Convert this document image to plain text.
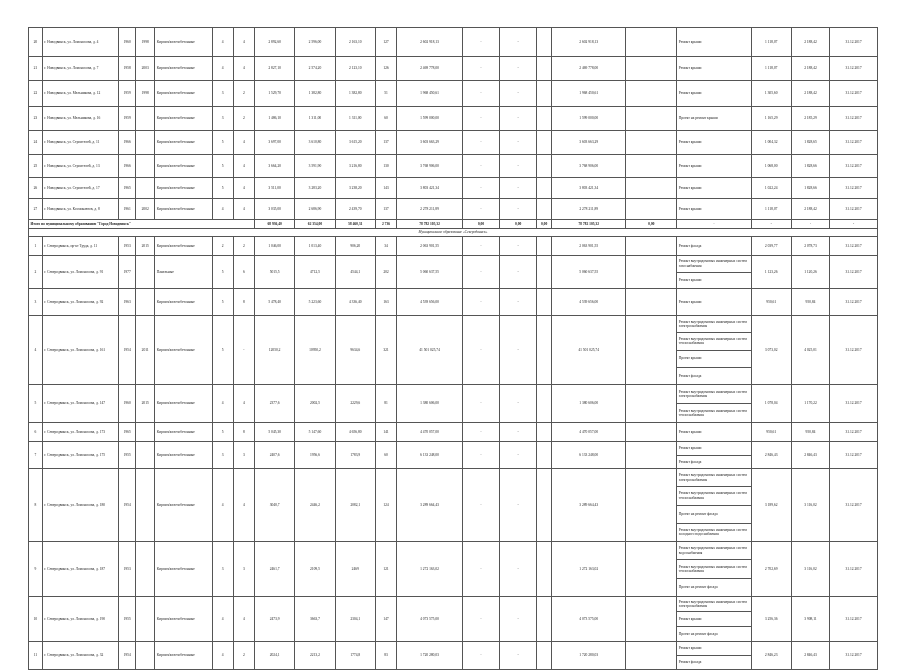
20	г. Новодвинск, ул. Ломоносова, д. 4	1960	1998	Кирпич/железобетонные	4	4	2 892,60	2 596,00	2 163,10	127	2 602 918,13	-	-		2 602 918,13		Ремонт крыши	1 118,07	2 188,42	31.12.2017
21	г. Новодвинск, ул. Ломоносова, д. 7	1958	2003	Кирпич/железобетонные	4	4	2 827,10	2 574,20	2 123,10	126	2 469 778,00	-	-		2 469 778,00		Ремонт крыши	1 118,07	2 188,42	31.12.2017
22	г. Новодвинск, ул. Мельникова, д. 12	1959	1998	Кирпич/железобетонные	3	2	1 529,70	1 382,80	1 382,80	51	1 968 450,61	-	-		1 968 450,61		Ремонт крыши	1 305,60	2 188,42	31.12.2017
23	г. Новодвинск, ул. Мельникова, д. 16	1959		Кирпич/железобетонные	3	2	1 486,10	1 311,00	1 311,00	60	1 599 000,00	-	-		1 599 000,00		Проект на ремонт крыши	1 165,29	2 185,29	31.12.2017
24	г. Новодвинск, ул. Строителей, д. 11	1966		Кирпич/железобетонные	5	4	3 697,00	3 610,80	3 615,20	137	3 603 663,29	-	-		3 603 663,29		Ремонт крыши	1 004,32	1 828,65	31.12.2017
25	г. Новодвинск, ул. Строителей, д. 13	1966		Кирпич/железобетонные	5	4	3 664,20	3 591,90	3 216,80	130	3 768 906,00	-	-		3 768 906,00		Ремонт крыши	1 068,00	1 828,66	31.12.2017
26	г. Новодвинск, ул. Строителей, д. 17	1965		Кирпич/железобетонные	5	4	3 511,00	3 283,20	3 238,20	143	3 803 421,34	-	-		3 803 421,34		Ремонт крыши	1 022,24	1 828,66	31.12.2017
27	г. Новодвинск, ул. Космонавтов, д. 8	1961	2002	Кирпич/железобетонные	4	4	3 035,00	2 686,90	2 439,70	137	2 278 211,89	-	-		2 278 211,89		Ремонт крыши	1 118,07	2 188,42	31.12.2017
Итого по муниципальному образованию "Город Новодвинск"							68 936,40	62 354,00	58 460,31	2 736	78 782 105,32	0,00	0,00	0,00	78 782 105,32	0,00	-	-	-	-
Муниципальное образование «Северодвинск»																				
1	г. Северодвинск, пр-кт Труда, д. 11	1953	2015	Кирпич/железобетонные	2	2	1 046,00	1 013,40	906,20	34	2 063 901,55	-	-		2 063 901,55		Ремонт фасада	2 039,77	2 078,73	31.12.2017
2	г. Северодвинск, ул. Ломоносова, д. 91	1977		Панельные	5	6	5015,5	4712,5	4544,1	202	5 060 637,55	-	-		5 060 637,55		Ремонт внутридомовых инженерных систем газоснабжения
Ремонт крыши	1 123,26	1 120,26	31.12.2017
3	г. Северодвинск, ул. Ломоносова, д. 92	1963		Кирпич/железобетонные	5	8	5 478,40	5 223,60	4 336,40	163	4 539 656,00	-	-		4 539 656,00		Ремонт крыши	950,61	950,84	31.12.2017
4	г. Северодвинск, ул. Ломоносова, д. 161	1954	2011	Кирпич/железобетонные	5	-	12050,2	10950,2	9634,6	321	41 501 025,74	-	-		41 501 025,74		Ремонт внутридомовых инженерных систем электроснабжения
Ремонт внутридомовых инженерных систем теплоснабжения
Проект крыши
Ремонт фасада	3 073,02	4 025,01	31.12.2017
5	г. Северодвинск, ул. Ломоносова, д. 147	1960	2015	Кирпич/железобетонные	4	4	2377,6	2002,5	2229,6	81	1 380 606,00	-	-		1 380 606,00		Ремонт внутридомовых инженерных систем электроснабжения
Ремонт внутридомовых инженерных систем теплоснабжения	1 078,04	1 170,22	31.12.2017
6	г. Северодвинск, ул. Ломоносова, д. 173	1965		Кирпич/железобетонные	5	8	5 045,30	5 147,60	4 656,80	141	4 470 057,00	-	-		4 470 057,00		Ремонт крыши	950,61	950,84	31.12.2017
7	г. Северодвинск, ул. Ломоносова, д. 175	1955		Кирпич/железобетонные	3	3	2407,6	1956,6	1783,9	60	6 133 248,00	-	-		6 133 248,00		Ремонт крыши
Ремонт фасада	2 846,43	2 846,43	31.12.2017
8	г. Северодвинск, ул. Ломоносова, д. 180	1954		Кирпич/железобетонные	4	4	3040,7	2446,2	2082,1	124	3 289 664,43	-	-		3 289 664,43		Ремонт внутридомовых инженерных систем электроснабжения
Ремонт внутридомовых инженерных систем теплоснабжения
Проект на ремонт фасада
Ремонт внутридомовых инженерных систем холодного водоснабжения	3 189,62	3 116,02	31.12.2017
9	г. Северодвинск, ул. Ломоносова, д. 187	1953		Кирпич/железобетонные	3	3	2461,7	2109,5	2469	121	1 272 163,02	-	-		1 272 163,02		Ремонт внутридомовых инженерных систем водоснабжения
Ремонт внутридомовых инженерных систем теплоснабжения
Проект на ремонт фасада	2 702,69	3 116,02	31.12.2017
10	г. Северодвинск, ул. Ломоносова, д. 190	1955		Кирпич/железобетонные	4	4	2473,9	3663,7	2304,1	147	4 073 575,00	-	-		4 073 575,00		Ремонт внутридомовых инженерных систем электроснабжения
Ремонт крыши
Проект на ремонт фасада	3 256,36	3 908,11	31.12.2017
11	г. Северодвинск, ул. Ломоносова, д. 32	1954		Кирпич/железобетонные	4	2	2024,1	2213,2	1774,8	83	1 720 280,03	-	-		1 720 280,03		Ремонт крыши
Ремонт фасада	2 846,23	2 846,43	31.12.2017
